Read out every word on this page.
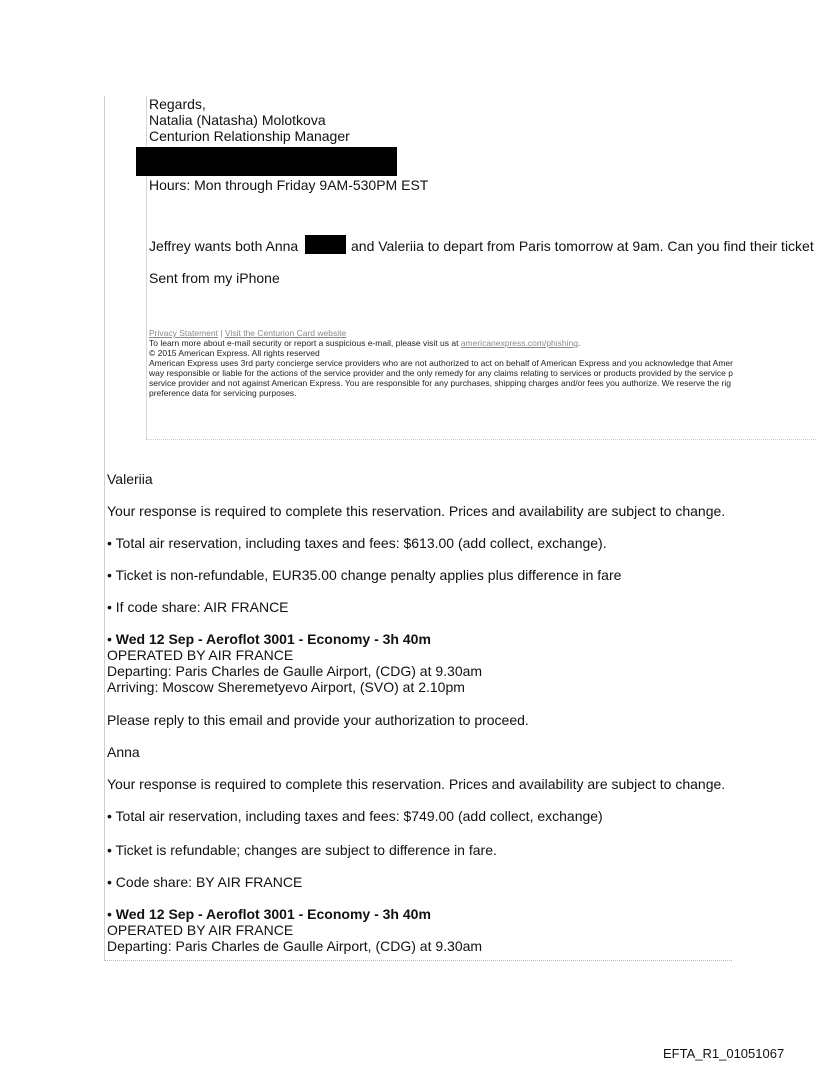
Regards,
Natalia (Natasha) Molotkova
Centurion Relationship Manager
Hours: Mon through Friday 9AM-530PM EST
Jeffrey wants both Anna	and Valeriia to depart from Paris tomorrow at 9am. Can you find their ticket
Sent from my iPhone
Privacy Statement | Visit the Centurion Card website
To learn more about e-mail security or report a suspicious e-mail, please visit us at americanexpress.com/phishing.
© 2015 American Express. All rights reserved
American Express uses 3rd party concierge service providers who are not authorized to act on behalf of American Express and you acknowledge that Amer
way responsible or liable for the actions of the service provider and the only remedy for any claims relating to services or products provided by the service p
service provider and not against American Express. You are responsible for any purchases, shipping charges and/or fees you authorize. We reserve the rig
preference data for servicing purposes.
Valeriia
Your response is required to complete this reservation. Prices and availability are subject to change.
• Total air reservation, including taxes and fees: $613.00 (add collect, exchange).
• Ticket is non-refundable, EUR35.00 change penalty applies plus difference in fare
• If code share: AIR FRANCE
• Wed 12 Sep - Aeroflot 3001 - Economy - 3h 40m
OPERATED BY AIR FRANCE
Departing: Paris Charles de Gaulle Airport, (CDG) at 9.30am
Arriving: Moscow Sheremetyevo Airport, (SVO) at 2.10pm
Please reply to this email and provide your authorization to proceed.
Anna
Your response is required to complete this reservation. Prices and availability are subject to change.
• Total air reservation, including taxes and fees: $749.00 (add collect, exchange)
• Ticket is refundable; changes are subject to difference in fare.
• Code share: BY AIR FRANCE
• Wed 12 Sep - Aeroflot 3001 - Economy - 3h 40m
OPERATED BY AIR FRANCE
Departing: Paris Charles de Gaulle Airport, (CDG) at 9.30am
EFTA_R1_01051067
